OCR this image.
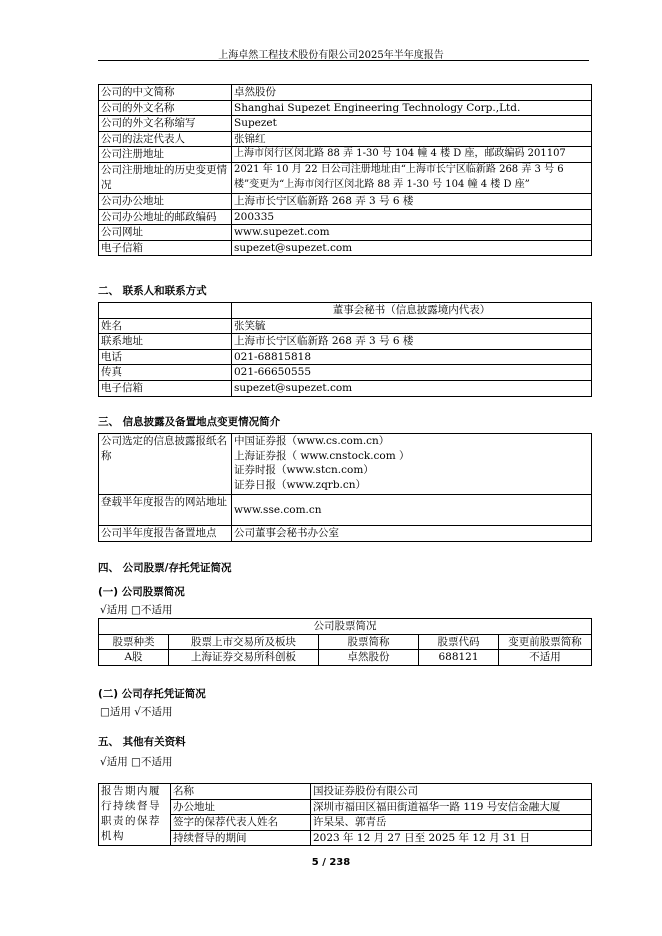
上海卓然工程技术股份有限公司2025年半年度报告
公司的中文简称	卓然股份
公司的外文名称	Shanghai Supezet Engineering Technology Corp.,Ltd.
公司的外文名称缩写	Supezet
公司的法定代表人	张锦红
公司注册地址	上海市闵行区闵北路 88 弄 1-30 号 104 幢 4 楼 D 座，邮政编码 201107
公司注册地址的历史变更情况	2021 年 10 月 22 日公司注册地址由“上海市长宁区临新路 268 弄 3 号 6 楼”变更为“上海市闵行区闵北路 88 弄 1-30 号 104 幢 4 楼 D 座”
公司办公地址	上海市长宁区临新路 268 弄 3 号 6 楼
公司办公地址的邮政编码	200335
公司网址	www.supezet.com
电子信箱	supezet@supezet.com
二、 联系人和联系方式
	董事会秘书（信息披露境内代表）
姓名	张笑毓
联系地址	上海市长宁区临新路 268 弄 3 号 6 楼
电话	021-68815818
传真	021-66650555
电子信箱	supezet@supezet.com
三、 信息披露及备置地点变更情况简介
公司选定的信息披露报纸名称	中国证券报（www.cs.com.cn）
上海证券报（ www.cnstock.com ）
证券时报（www.stcn.com）
证券日报（www.zqrb.cn）

登载半年度报告的网站地址	www.sse.com.cn
公司半年度报告备置地点	公司董事会秘书办公室
四、 公司股票/存托凭证简况
(一) 公司股票简况
√适用 □不适用
公司股票简况				
股票种类	股票上市交易所及板块	股票简称	股票代码	变更前股票简称
A股	上海证券交易所科创板	卓然股份	688121	不适用
(二) 公司存托凭证简况
□适用 √不适用
五、 其他有关资料
√适用 □不适用
报告期内履行持续督导职责的保荐机构	名称	国投证券股份有限公司
	办公地址	深圳市福田区福田街道福华一路 119 号安信金融大厦
	签字的保荐代表人姓名	许杲杲、郭青岳
	持续督导的期间	2023 年 12 月 27 日至 2025 年 12 月 31 日
5 / 238
